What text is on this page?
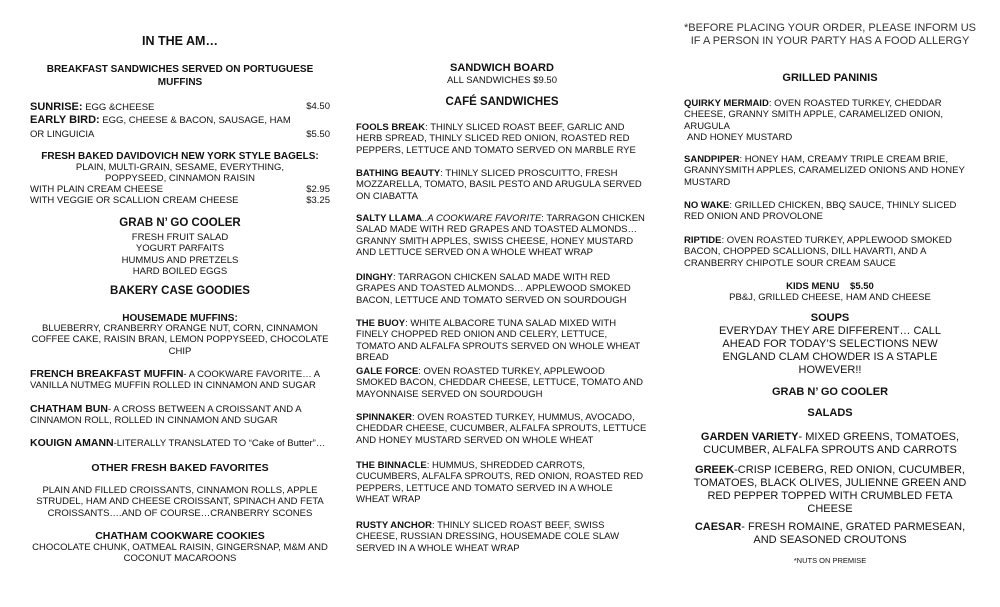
IN THE AM…
BREAKFAST SANDWICHES SERVED ON PORTUGUESE MUFFINS
SUNRISE: EGG &CHEESE	$4.50
EARLY BIRD: EGG, CHEESE & BACON, SAUSAGE, HAM
OR LINGUICIA	$5.50
FRESH BAKED DAVIDOVICH NEW YORK STYLE BAGELS:
PLAIN, MULTI-GRAIN, SESAME, EVERYTHING, POPPYSEED, CINNAMON RAISIN
WITH PLAIN CREAM CHEESE	$2.95
WITH VEGGIE OR SCALLION CREAM CHEESE	$3.25
GRAB N’ GO COOLER
FRESH FRUIT SALAD
YOGURT PARFAITS
HUMMUS AND PRETZELS
HARD BOILED EGGS
BAKERY CASE GOODIES
HOUSEMADE MUFFINS:
BLUEBERRY, CRANBERRY ORANGE NUT, CORN, CINNAMON COFFEE CAKE, RAISIN BRAN, LEMON POPPYSEED, CHOCOLATE CHIP
FRENCH BREAKFAST MUFFIN- A COOKWARE FAVORITE… A VANILLA NUTMEG MUFFIN ROLLED IN CINNAMON AND SUGAR
CHATHAM BUN- A CROSS BETWEEN A CROISSANT AND A CINNAMON ROLL, ROLLED IN CINNAMON AND SUGAR
KOUIGN AMANN-LITERALLY TRANSLATED TO “Cake of Butter”…
OTHER FRESH BAKED FAVORITES
PLAIN AND FILLED CROISSANTS, CINNAMON ROLLS, APPLE STRUDEL, HAM AND CHEESE CROISSANT, SPINACH AND FETA CROISSANTS….AND OF COURSE…CRANBERRY SCONES
CHATHAM COOKWARE COOKIES
CHOCOLATE CHUNK, OATMEAL RAISIN, GINGERSNAP, M&M AND COCONUT MACAROONS
SANDWICH BOARD
ALL SANDWICHES $9.50
CAFÉ SANDWICHES
FOOLS BREAK: THINLY SLICED ROAST BEEF, GARLIC AND HERB SPREAD, THINLY SLICED RED ONION, ROASTED RED PEPPERS, LETTUCE AND TOMATO SERVED ON MARBLE RYE
BATHING BEAUTY: THINLY SLICED PROSCUITTO, FRESH MOZZARELLA, TOMATO, BASIL PESTO AND ARUGULA SERVED ON CIABATTA
SALTY LLAMA..A COOKWARE FAVORITE: TARRAGON CHICKEN SALAD MADE WITH RED GRAPES AND TOASTED ALMONDS… GRANNY SMITH APPLES, SWISS CHEESE, HONEY MUSTARD AND LETTUCE SERVED ON A WHOLE WHEAT WRAP
DINGHY: TARRAGON CHICKEN SALAD MADE WITH RED GRAPES AND TOASTED ALMONDS… APPLEWOOD SMOKED BACON, LETTUCE AND TOMATO SERVED ON SOURDOUGH
THE BUOY: WHITE ALBACORE TUNA SALAD MIXED WITH FINELY CHOPPED RED ONION AND CELERY, LETTUCE, TOMATO AND ALFALFA SPROUTS SERVED ON WHOLE WHEAT BREAD
GALE FORCE: OVEN ROASTED TURKEY, APPLEWOOD SMOKED BACON, CHEDDAR CHEESE, LETTUCE, TOMATO AND MAYONNAISE SERVED ON SOURDOUGH
SPINNAKER: OVEN ROASTED TURKEY, HUMMUS, AVOCADO, CHEDDAR CHEESE, CUCUMBER, ALFALFA SPROUTS, LETTUCE AND HONEY MUSTARD SERVED ON WHOLE WHEAT
THE BINNACLE: HUMMUS, SHREDDED CARROTS, CUCUMBERS, ALFALFA SPROUTS, RED ONION, ROASTED RED PEPPERS, LETTUCE AND TOMATO SERVED IN A WHOLE WHEAT WRAP
RUSTY ANCHOR: THINLY SLICED ROAST BEEF, SWISS CHEESE, RUSSIAN DRESSING, HOUSEMADE COLE SLAW SERVED IN A WHOLE WHEAT WRAP
*BEFORE PLACING YOUR ORDER, PLEASE INFORM US IF A PERSON IN YOUR PARTY HAS A FOOD ALLERGY
GRILLED PANINIS
QUIRKY MERMAID: OVEN ROASTED TURKEY, CHEDDAR CHEESE, GRANNY SMITH APPLE, CARAMELIZED ONION, ARUGULA
AND HONEY MUSTARD
SANDPIPER: HONEY HAM, CREAMY TRIPLE CREAM BRIE, GRANNYSMITH APPLES, CARAMELIZED ONIONS AND HONEY MUSTARD
NO WAKE: GRILLED CHICKEN, BBQ SAUCE, THINLY SLICED RED ONION AND PROVOLONE
RIPTIDE: OVEN ROASTED TURKEY, APPLEWOOD SMOKED BACON, CHOPPED SCALLIONS, DILL HAVARTI, AND A CRANBERRY CHIPOTLE SOUR CREAM SAUCE
KIDS MENU $5.50
PB&J, GRILLED CHEESE, HAM AND CHEESE
SOUPS
EVERYDAY THEY ARE DIFFERENT… CALL AHEAD FOR TODAY’S SELECTIONS NEW ENGLAND CLAM CHOWDER IS A STAPLE HOWEVER!!
GRAB N’ GO COOLER
SALADS
GARDEN VARIETY- MIXED GREENS, TOMATOES, CUCUMBER, ALFALFA SPROUTS AND CARROTS
GREEK-CRISP ICEBERG, RED ONION, CUCUMBER, TOMATOES, BLACK OLIVES, JULIENNE GREEN AND RED PEPPER TOPPED WITH CRUMBLED FETA CHEESE
CAESAR- FRESH ROMAINE, GRATED PARMESEAN, AND SEASONED CROUTONS
*NUTS ON PREMISE
